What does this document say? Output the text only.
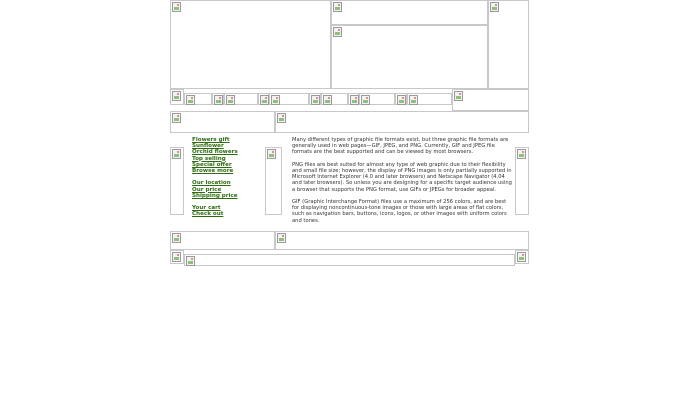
Flowers gift
Sunflower
Orchid flowers
Top selling
Special offer
Browse more
Our location
Our price
Shipping price
Your cart
Check out

Many different types of graphic file formats exist, but three graphic file formats are generally used in web pages—GIF, JPEG, and PNG. Currently, GIF and JPEG file formats are the best supported and can be viewed by most browsers.

PNG files are best suited for almost any type of web graphic due to their flexibility and small file size; however, the display of PNG images is only partially supported in Microsoft Internet Explorer (4.0 and later browsers) and Netscape Navigator (4.04 and later browsers). So unless you are designing for a specific target audience using a browser that supports the PNG format, use GIFs or JPEGs for broader appeal.

GIF (Graphic Interchange Format) files use a maximum of 256 colors, and are best for displaying noncontinuous-tone images or those with large areas of flat colors, such as navigation bars, buttons, icons, logos, or other images with uniform colors and tones.
